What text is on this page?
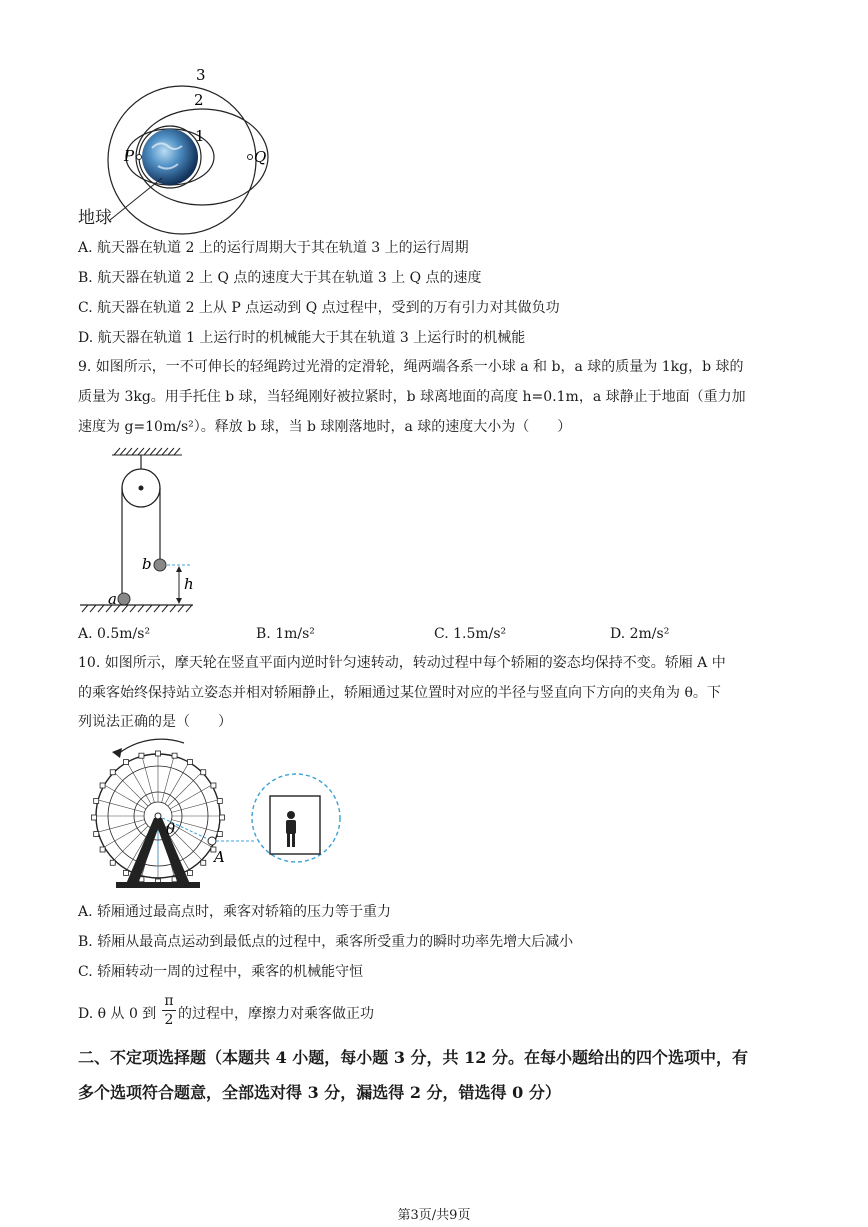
3
2
1
P	Q
地球
A. 航天器在轨道 2 上的运行周期大于其在轨道 3 上的运行周期
B. 航天器在轨道 2 上 Q 点的速度大于其在轨道 3 上 Q 点的速度
C. 航天器在轨道 2 上从 P 点运动到 Q 点过程中，受到的万有引力对其做负功
D. 航天器在轨道 1 上运行时的机械能大于其在轨道 3 上运行时的机械能
9. 如图所示，一不可伸长的轻绳跨过光滑的定滑轮，绳两端各系一小球 a 和 b，a 球的质量为 1kg，b 球的
质量为 3kg。用手托住 b 球，当轻绳刚好被拉紧时，b 球离地面的高度 h=0.1m，a 球静止于地面（重力加
速度为 g=10m/s²）。释放 b 球，当 b 球刚落地时，a 球的速度大小为（　　）
b
a
h
A. 0.5m/s²	B. 1m/s²	C. 1.5m/s²	D. 2m/s²
10. 如图所示，摩天轮在竖直平面内逆时针匀速转动，转动过程中每个轿厢的姿态均保持不变。轿厢 A 中
的乘客始终保持站立姿态并相对轿厢静止，轿厢通过某位置时对应的半径与竖直向下方向的夹角为 θ。下
列说法正确的是（　　）
θ
A
A. 轿厢通过最高点时，乘客对轿箱的压力等于重力
B. 轿厢从最高点运动到最低点的过程中，乘客所受重力的瞬时功率先增大后减小
C. 轿厢转动一周的过程中，乘客的机械能守恒
D. θ 从 0 到
π
2 的过程中，摩擦力对乘客做正功
二、不定项选择题（本题共 4 小题，每小题 3 分，共 12 分。在每小题给出的四个选项中，有
多个选项符合题意，全部选对得 3 分，漏选得 2 分，错选得 0 分）
第3页/共9页
